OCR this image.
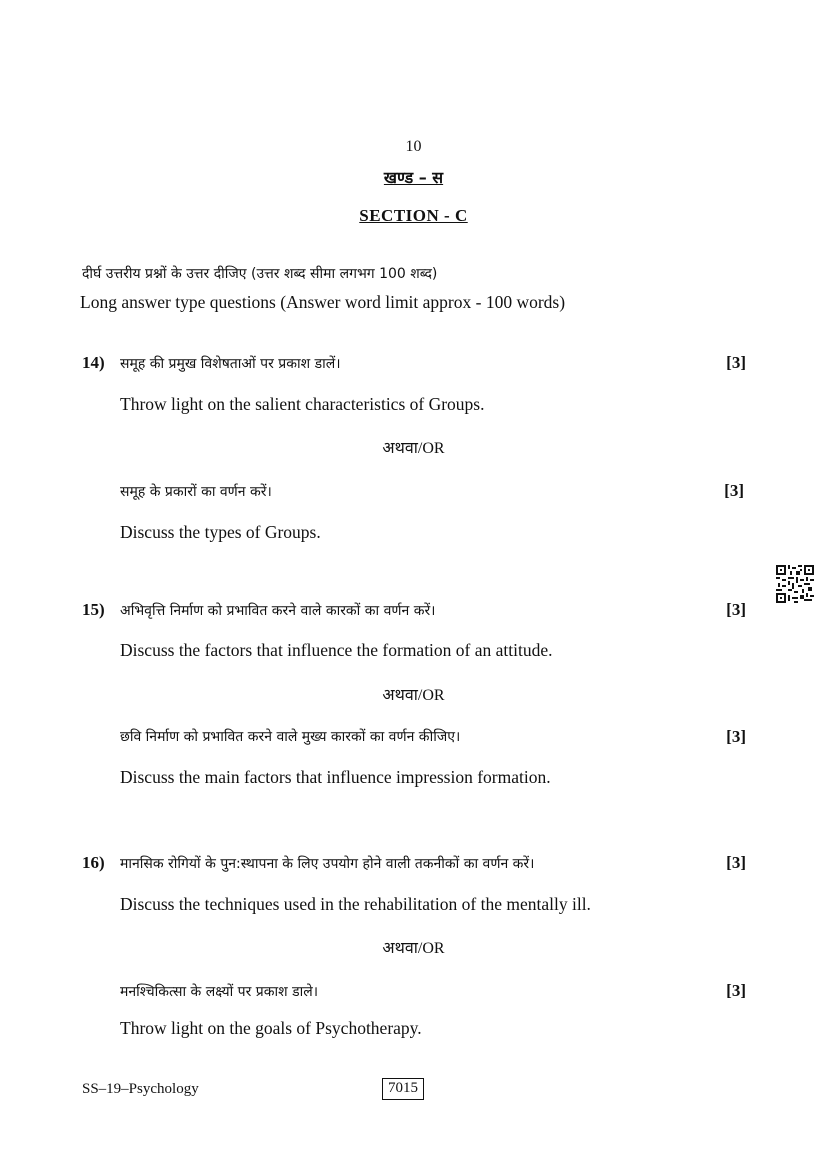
10
खण्ड – स
SECTION - C
दीर्घ उत्तरीय प्रश्नों के उत्तर दीजिए (उत्तर शब्द सीमा लगभग 100 शब्द)
Long answer type questions (Answer word limit approx - 100 words)
14) समूह की प्रमुख विशेषताओं पर प्रकाश डालें।	[3]
Throw light on the salient characteristics of Groups.
अथवा/OR
समूह के प्रकारों का वर्णन करें।	[3]
Discuss the types of Groups.
15) अभिवृत्ति निर्माण को प्रभावित करने वाले कारकों का वर्णन करें।	[3]
Discuss the factors that influence the formation of an attitude.
अथवा/OR
छवि निर्माण को प्रभावित करने वाले मुख्य कारकों का वर्णन कीजिए।	[3]
Discuss the main factors that influence impression formation.
16) मानसिक रोगियों के पुन:स्थापना के लिए उपयोग होने वाली तकनीकों का वर्णन करें।	[3]
Discuss the techniques used in the rehabilitation of the mentally ill.
अथवा/OR
मनश्चिकित्सा के लक्ष्यों पर प्रकाश डाले।	[3]
Throw light on the goals of Psychotherapy.
SS–19–Psychology	7015
